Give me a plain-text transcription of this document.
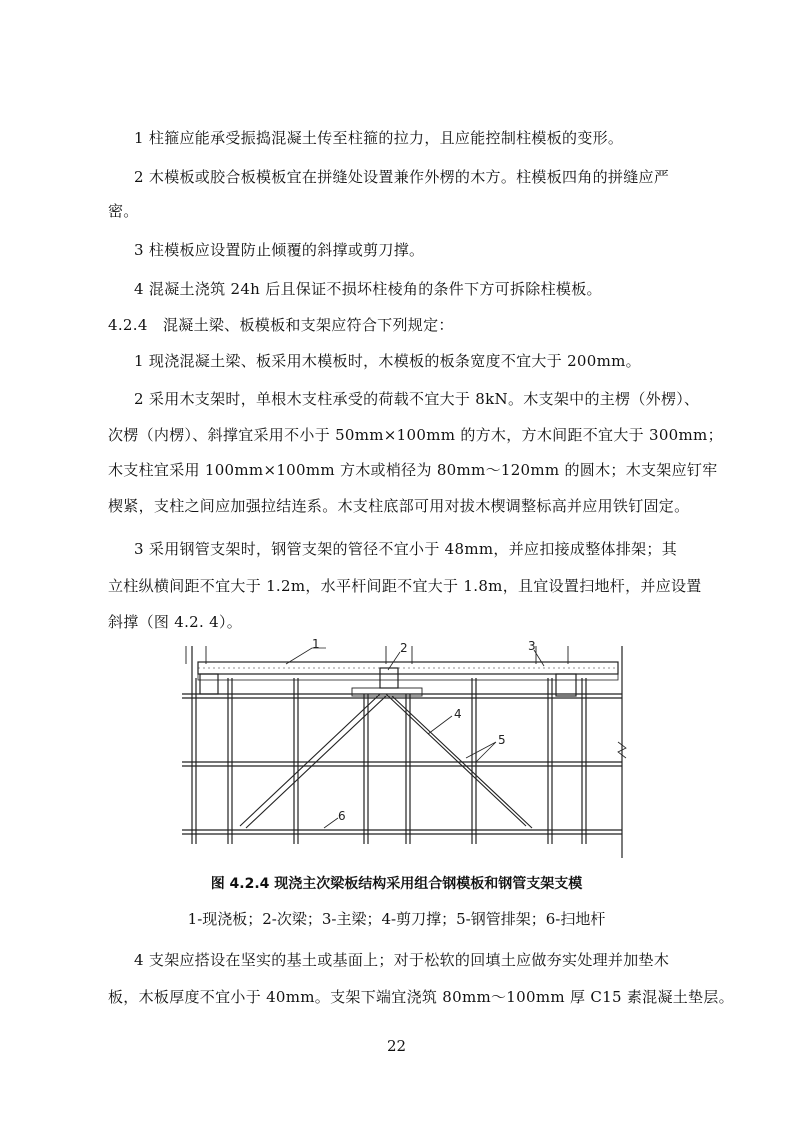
1 柱箍应能承受振捣混凝土传至柱箍的拉力，且应能控制柱模板的变形。
2 木模板或胶合板模板宜在拼缝处设置兼作外楞的木方。柱模板四角的拼缝应严
密。
3 柱模板应设置防止倾覆的斜撑或剪刀撑。
4 混凝土浇筑 24h 后且保证不损坏柱棱角的条件下方可拆除柱模板。
4.2.4　混凝土梁、板模板和支架应符合下列规定：
1 现浇混凝土梁、板采用木模板时，木模板的板条宽度不宜大于 200mm。
2 采用木支架时，单根木支柱承受的荷载不宜大于 8kN。木支架中的主楞（外楞）、
次楞（内楞）、斜撑宜采用不小于 50mm×100mm 的方木，方木间距不宜大于 300mm；
木支柱宜采用 100mm×100mm 方木或梢径为 80mm～120mm 的圆木；木支架应钉牢
楔紧，支柱之间应加强拉结连系。木支柱底部可用对拔木楔调整标高并应用铁钉固定。
3 采用钢管支架时，钢管支架的管径不宜小于 48mm，并应扣接成整体排架；其
立柱纵横间距不宜大于 1.2m，水平杆间距不宜大于 1.8m，且宜设置扫地杆，并应设置
斜撑（图 4.2. 4）。
1	2	3
4
5
6
图 4.2.4 现浇主次梁板结构采用组合钢模板和钢管支架支模
1-现浇板；2-次梁；3-主梁；4-剪刀撑；5-钢管排架；6-扫地杆
4 支架应搭设在坚实的基土或基面上；对于松软的回填土应做夯实处理并加垫木
板，木板厚度不宜小于 40mm。支架下端宜浇筑 80mm～100mm 厚 C15 素混凝土垫层。
22
